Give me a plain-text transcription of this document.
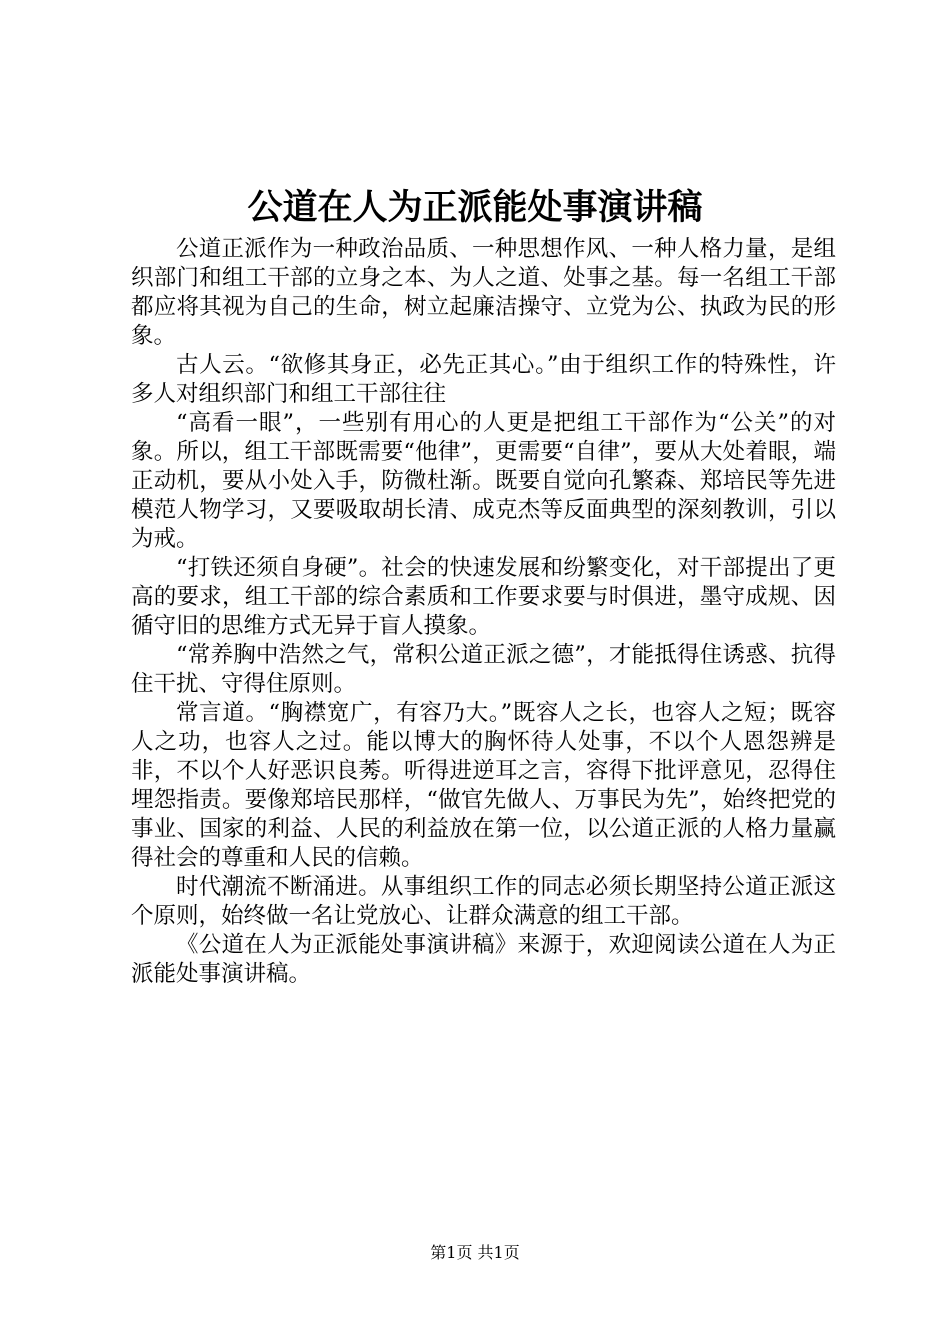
公道在人为正派能处事演讲稿

公道正派作为一种政治品质、一种思想作风、一种人格力量，是组织部门和组工干部的立身之本、为人之道、处事之基。每一名组工干部都应将其视为自己的生命，树立起廉洁操守、立党为公、执政为民的形象。

古人云。“欲修其身正，必先正其心。”由于组织工作的特殊性，许多人对组织部门和组工干部往往

“高看一眼”，一些别有用心的人更是把组工干部作为“公关”的对象。所以，组工干部既需要“他律”，更需要“自律”，要从大处着眼，端正动机，要从小处入手，防微杜渐。既要自觉向孔繁森、郑培民等先进模范人物学习，又要吸取胡长清、成克杰等反面典型的深刻教训，引以为戒。

“打铁还须自身硬”。社会的快速发展和纷繁变化，对干部提出了更高的要求，组工干部的综合素质和工作要求要与时俱进，墨守成规、因循守旧的思维方式无异于盲人摸象。

“常养胸中浩然之气，常积公道正派之德”，才能抵得住诱惑、抗得住干扰、守得住原则。

常言道。“胸襟宽广，有容乃大。”既容人之长，也容人之短；既容人之功，也容人之过。能以博大的胸怀待人处事，不以个人恩怨辨是非，不以个人好恶识良莠。听得进逆耳之言，容得下批评意见，忍得住埋怨指责。要像郑培民那样，“做官先做人、万事民为先”，始终把党的事业、国家的利益、人民的利益放在第一位，以公道正派的人格力量赢得社会的尊重和人民的信赖。

时代潮流不断涌进。从事组织工作的同志必须长期坚持公道正派这个原则，始终做一名让党放心、让群众满意的组工干部。

《公道在人为正派能处事演讲稿》来源于，欢迎阅读公道在人为正派能处事演讲稿。

第1页 共1页
